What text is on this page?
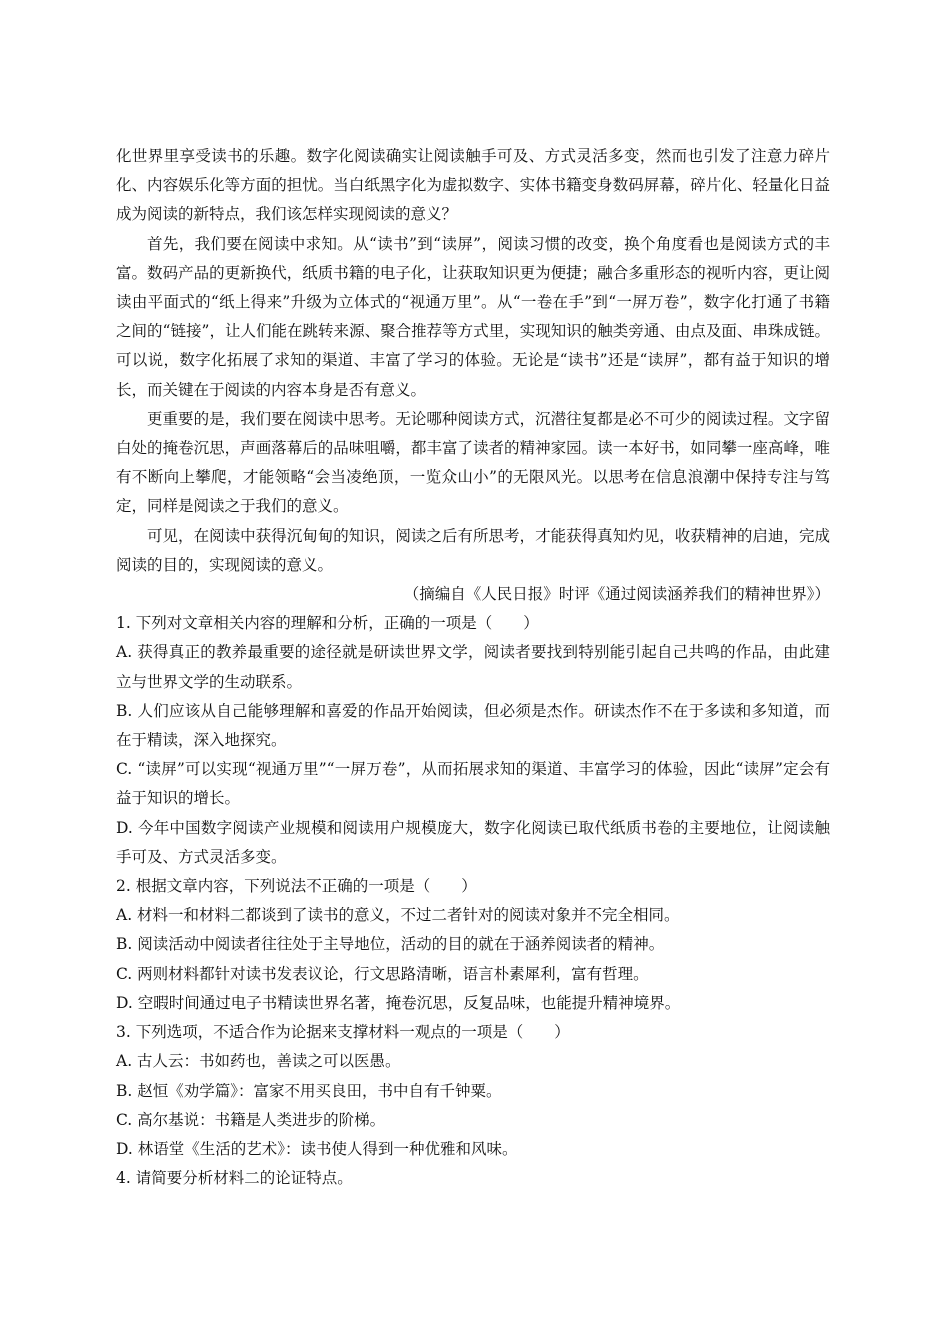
化世界里享受读书的乐趣。数字化阅读确实让阅读触手可及、方式灵活多变，然而也引发了注意力碎片化、内容娱乐化等方面的担忧。当白纸黑字化为虚拟数字、实体书籍变身数码屏幕，碎片化、轻量化日益成为阅读的新特点，我们该怎样实现阅读的意义？

首先，我们要在阅读中求知。从“读书”到“读屏”，阅读习惯的改变，换个角度看也是阅读方式的丰富。数码产品的更新换代，纸质书籍的电子化，让获取知识更为便捷；融合多重形态的视听内容，更让阅读由平面式的“纸上得来”升级为立体式的“视通万里”。从“一卷在手”到“一屏万卷”，数字化打通了书籍之间的“链接”，让人们能在跳转来源、聚合推荐等方式里，实现知识的触类旁通、由点及面、串珠成链。可以说，数字化拓展了求知的渠道、丰富了学习的体验。无论是“读书”还是“读屏”，都有益于知识的增长，而关键在于阅读的内容本身是否有意义。

更重要的是，我们要在阅读中思考。无论哪种阅读方式，沉潜往复都是必不可少的阅读过程。文字留白处的掩卷沉思，声画落幕后的品味咀嚼，都丰富了读者的精神家园。读一本好书，如同攀一座高峰，唯有不断向上攀爬，才能领略“会当凌绝顶，一览众山小”的无限风光。以思考在信息浪潮中保持专注与笃定，同样是阅读之于我们的意义。

可见，在阅读中获得沉甸甸的知识，阅读之后有所思考，才能获得真知灼见，收获精神的启迪，完成阅读的目的，实现阅读的意义。

（摘编自《人民日报》时评《通过阅读涵养我们的精神世界》）

1. 下列对文章相关内容的理解和分析，正确的一项是（　　）

A. 获得真正的教养最重要的途径就是研读世界文学，阅读者要找到特别能引起自己共鸣的作品，由此建立与世界文学的生动联系。

B. 人们应该从自己能够理解和喜爱的作品开始阅读，但必须是杰作。研读杰作不在于多读和多知道，而在于精读，深入地探究。

C. “读屏”可以实现“视通万里”“一屏万卷”，从而拓展求知的渠道、丰富学习的体验，因此“读屏”定会有益于知识的增长。

D. 今年中国数字阅读产业规模和阅读用户规模庞大，数字化阅读已取代纸质书卷的主要地位，让阅读触手可及、方式灵活多变。

2. 根据文章内容，下列说法不正确的一项是（　　）

A. 材料一和材料二都谈到了读书的意义，不过二者针对的阅读对象并不完全相同。

B. 阅读活动中阅读者往往处于主导地位，活动的目的就在于涵养阅读者的精神。

C. 两则材料都针对读书发表议论，行文思路清晰，语言朴素犀利，富有哲理。

D. 空暇时间通过电子书精读世界名著，掩卷沉思，反复品味，也能提升精神境界。

3. 下列选项，不适合作为论据来支撑材料一观点的一项是（　　）

A. 古人云：书如药也，善读之可以医愚。

B. 赵恒《劝学篇》：富家不用买良田，书中自有千钟粟。

C. 高尔基说：书籍是人类进步的阶梯。

D. 林语堂《生活的艺术》：读书使人得到一种优雅和风味。

4. 请简要分析材料二的论证特点。
